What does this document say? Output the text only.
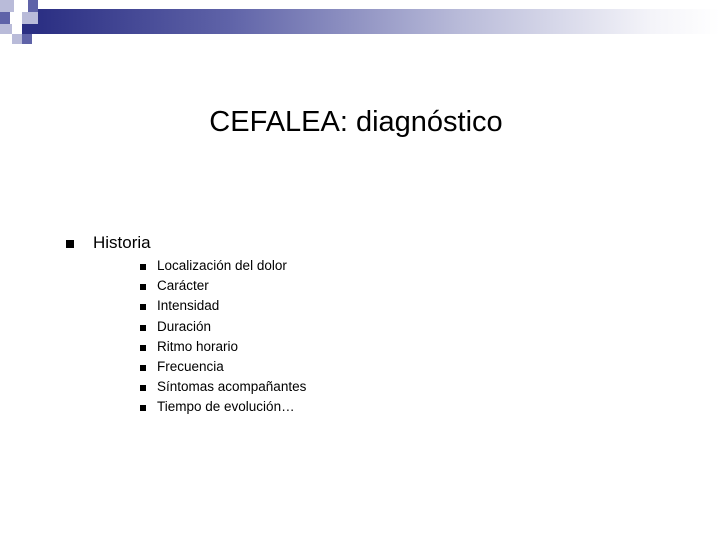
CEFALEA: diagnóstico
Historia
Localización del dolor
Carácter
Intensidad
Duración
Ritmo horario
Frecuencia
Síntomas acompañantes
Tiempo de evolución…
